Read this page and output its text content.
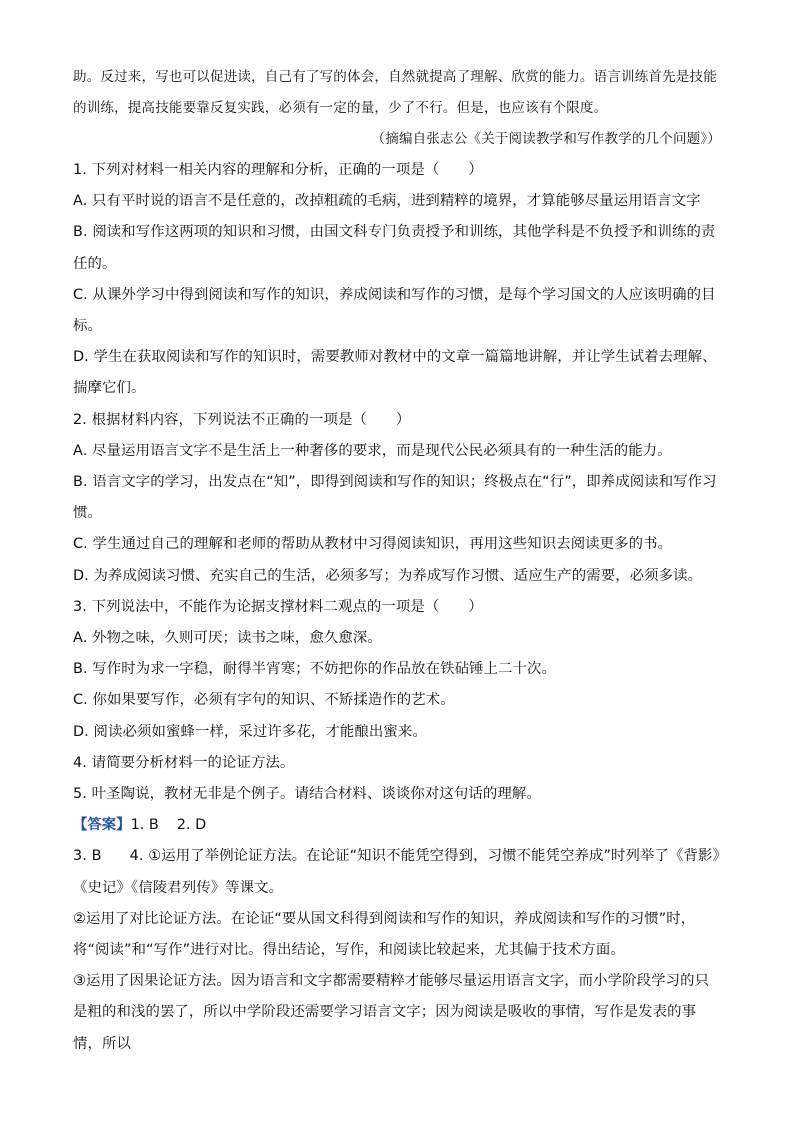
助。反过来，写也可以促进读，自己有了写的体会，自然就提高了理解、欣赏的能力。语言训练首先是技能的训练，提高技能要靠反复实践，必须有一定的量，少了不行。但是，也应该有个限度。
（摘编自张志公《关于阅读教学和写作教学的几个问题》）
1. 下列对材料一相关内容的理解和分析，正确的一项是（　　）
A. 只有平时说的语言不是任意的，改掉粗疏的毛病，进到精粹的境界，才算能够尽量运用语言文字
B. 阅读和写作这两项的知识和习惯，由国文科专门负责授予和训练，其他学科是不负授予和训练的责任的。
C. 从课外学习中得到阅读和写作的知识，养成阅读和写作的习惯，是每个学习国文的人应该明确的目标。
D. 学生在获取阅读和写作的知识时，需要教师对教材中的文章一篇篇地讲解，并让学生试着去理解、揣摩它们。
2. 根据材料内容，下列说法不正确的一项是（　　）
A. 尽量运用语言文字不是生活上一种奢侈的要求，而是现代公民必须具有的一种生活的能力。
B. 语言文字的学习，出发点在“知”，即得到阅读和写作的知识；终极点在“行”，即养成阅读和写作习惯。
C. 学生通过自己的理解和老师的帮助从教材中习得阅读知识，再用这些知识去阅读更多的书。
D. 为养成阅读习惯、充实自己的生活，必须多写；为养成写作习惯、适应生产的需要，必须多读。
3. 下列说法中，不能作为论据支撑材料二观点的一项是（　　）
A. 外物之味，久则可厌；读书之味，愈久愈深。
B. 写作时为求一字稳，耐得半宵寒；不妨把你的作品放在铁砧锤上二十次。
C. 你如果要写作，必须有字句的知识、不矫揉造作的艺术。
D. 阅读必须如蜜蜂一样，采过许多花，才能酿出蜜来。
4. 请简要分析材料一的论证方法。
5. 叶圣陶说，教材无非是个例子。请结合材料、谈谈你对这句话的理解。
【答案】1. B 2. D
3. B 4. ①运用了举例论证方法。在论证“知识不能凭空得到，习惯不能凭空养成”时列举了《背影》《史记》《信陵君列传》等课文。
②运用了对比论证方法。在论证“要从国文科得到阅读和写作的知识，养成阅读和写作的习惯”时，将“阅读”和“写作”进行对比。得出结论，写作，和阅读比较起来，尤其偏于技术方面。
③运用了因果论证方法。因为语言和文字都需要精粹才能够尽量运用语言文字，而小学阶段学习的只是粗的和浅的罢了，所以中学阶段还需要学习语言文字；因为阅读是吸收的事情，写作是发表的事情，所以
